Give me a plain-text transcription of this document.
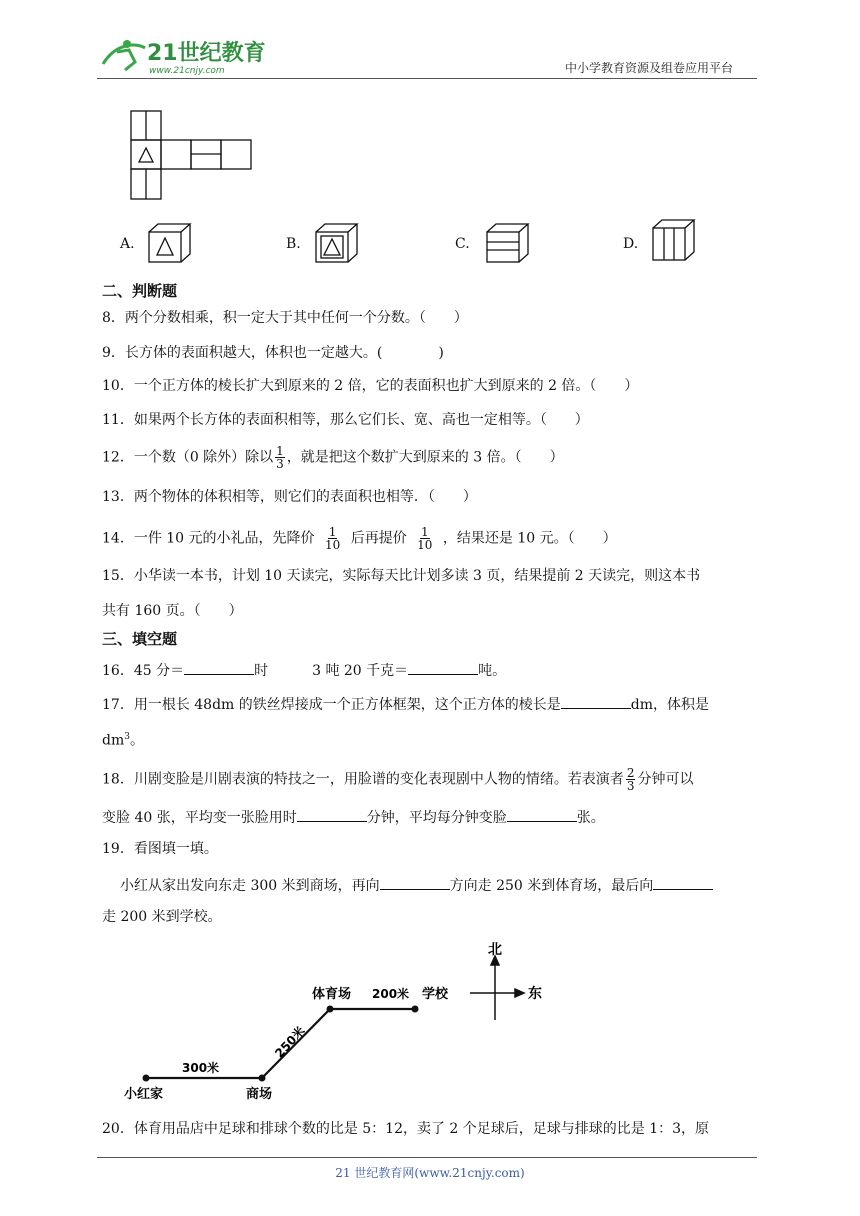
21世纪教育
www.21cnjy.com	中小学教育资源及组卷应用平台
A.	B.	C.	D.
二、判断题
8．两个分数相乘，积一定大于其中任何一个分数。（　　）
9．长方体的表面积越大，体积也一定越大。(　　　　)
10．一个正方体的棱长扩大到原来的 2 倍，它的表面积也扩大到原来的 2 倍。（　　）
11．如果两个长方体的表面积相等，那么它们长、宽、高也一定相等。（　　）
12．一个数（0 除外）除以 $\frac{1}{3}$ ，就是把这个数扩大到原来的 3 倍。（　　）
13．两个物体的体积相等，则它们的表面积也相等．（　　）
14．一件 10 元的小礼品，先降价 $\frac{1}{10}$ 后再提价 $\frac{1}{10}$ ，结果还是 10 元。（　　）
15．小华读一本书，计划 10 天读完，实际每天比计划多读 3 页，结果提前 2 天读完，则这本书
共有 160 页。（　　）
三、填空题
16．45 分＝	时	3 吨 20 千克＝	吨。
17．用一根长 48dm 的铁丝焊接成一个正方体框架，这个正方体的棱长是	dm，体积是
$dm^3$。
18．川剧变脸是川剧表演的特技之一，用脸谱的变化表现剧中人物的情绪。若表演者 $\frac{2}{3}$ 分钟可以
变脸 40 张，平均变一张脸用时	分钟，平均每分钟变脸	张。
19．看图填一填。
小红从家出发向东走 300 米到商场，再向	方向走 250 米到体育场，最后向
走 200 米到学校。
小红家	商场
体育场	学校
300米
200米
250米
北
东
20．体育用品店中足球和排球个数的比是 5：12，卖了 2 个足球后，足球与排球的比是 1：3，原
21 世纪教育网(www.21cnjy.com)
